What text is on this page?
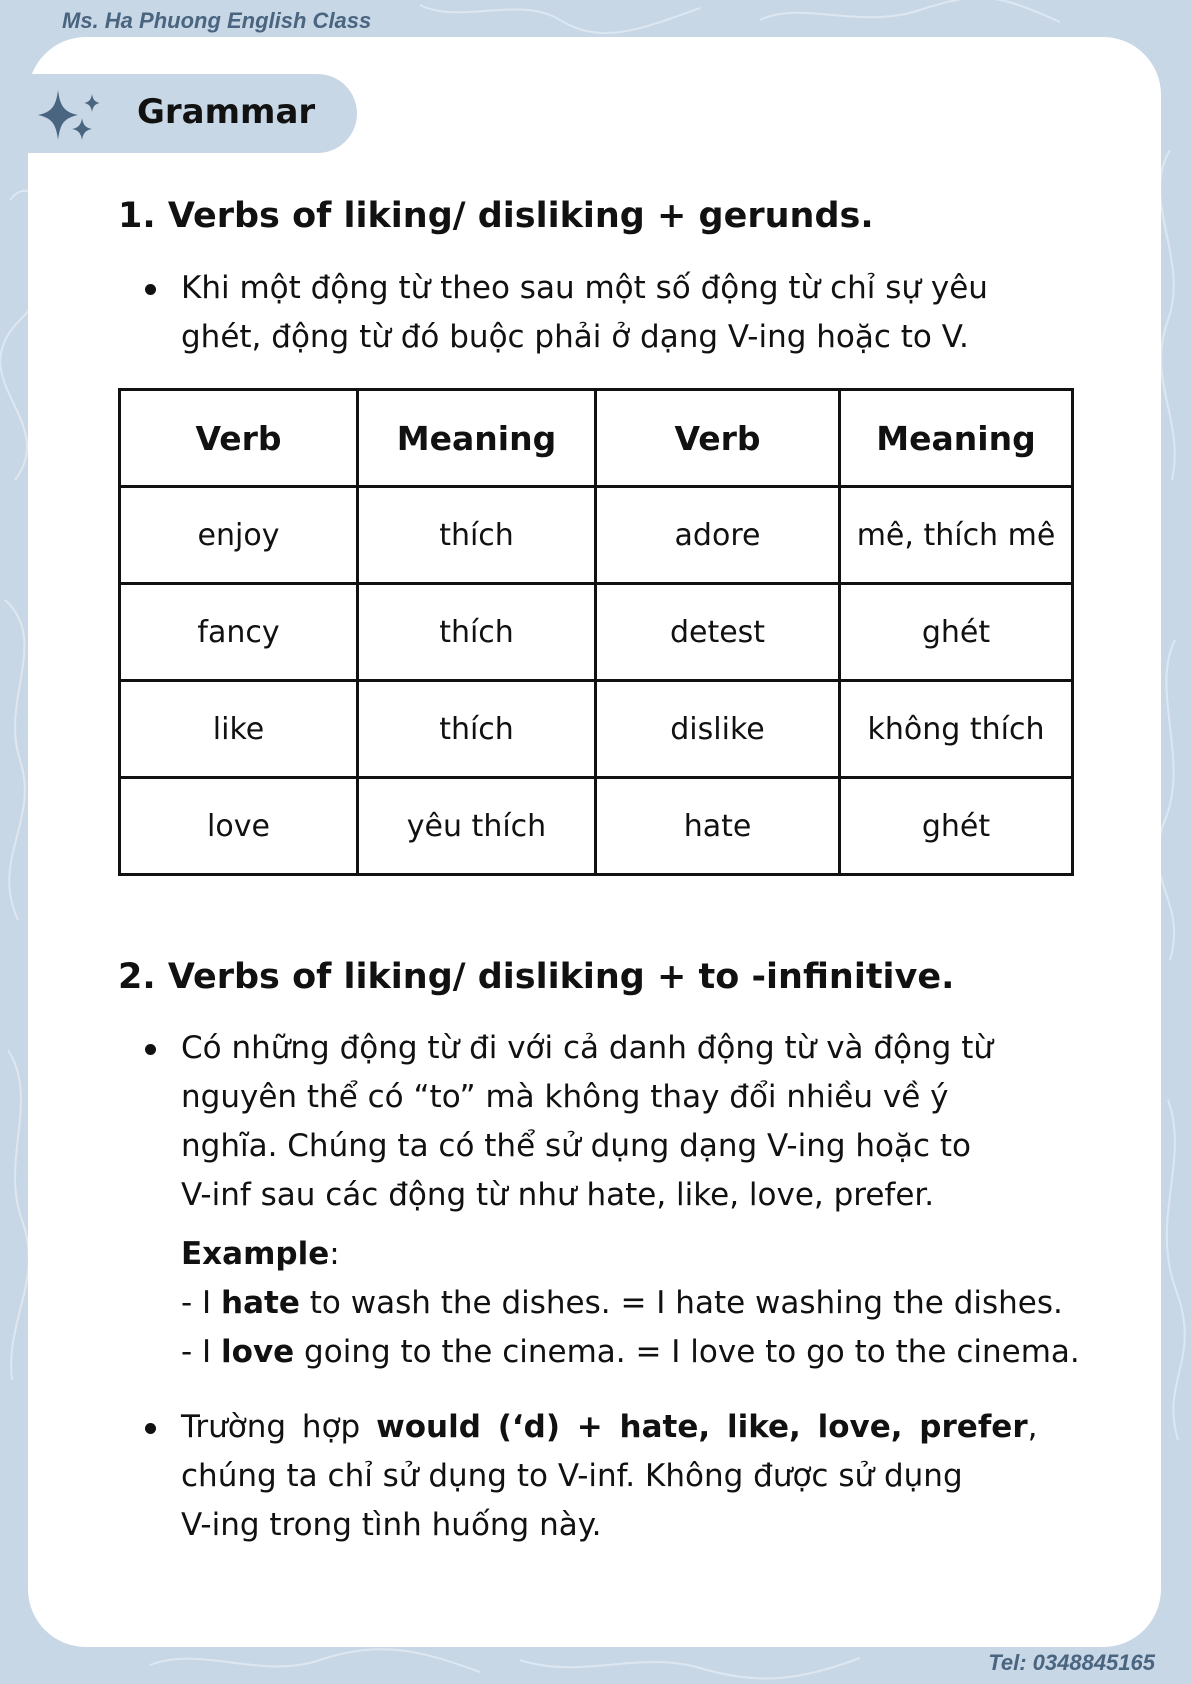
Ms. Ha Phuong English Class
Grammar
1. Verbs of liking/ disliking + gerunds.

Khi một động từ theo sau một số động từ chỉ sự yêu

ghét, động từ đó buộc phải ở dạng V-ing hoặc to V.

Verb	Meaning	Verb	Meaning
enjoy	thích	adore	mê, thích mê
fancy	thích	detest	ghét
like	thích	dislike	không thích
love	yêu thích	hate	ghét
2. Verbs of liking/ disliking + to -infinitive.

Có những động từ đi với cả danh động từ và động từ

nguyên thể có “to” mà không thay đổi nhiều về ý

nghĩa. Chúng ta có thể sử dụng dạng V-ing hoặc to

V-inf sau các động từ như hate, like, love, prefer.

Example:

- I hate to wash the dishes. = I hate washing the dishes.

- I love going to the cinema. = I love to go to the cinema.

Trường hợp would (‘d) + hate, like, love, prefer,

chúng ta chỉ sử dụng to V-inf. Không được sử dụng

V-ing trong tình huống này.

Tel: 0348845165
